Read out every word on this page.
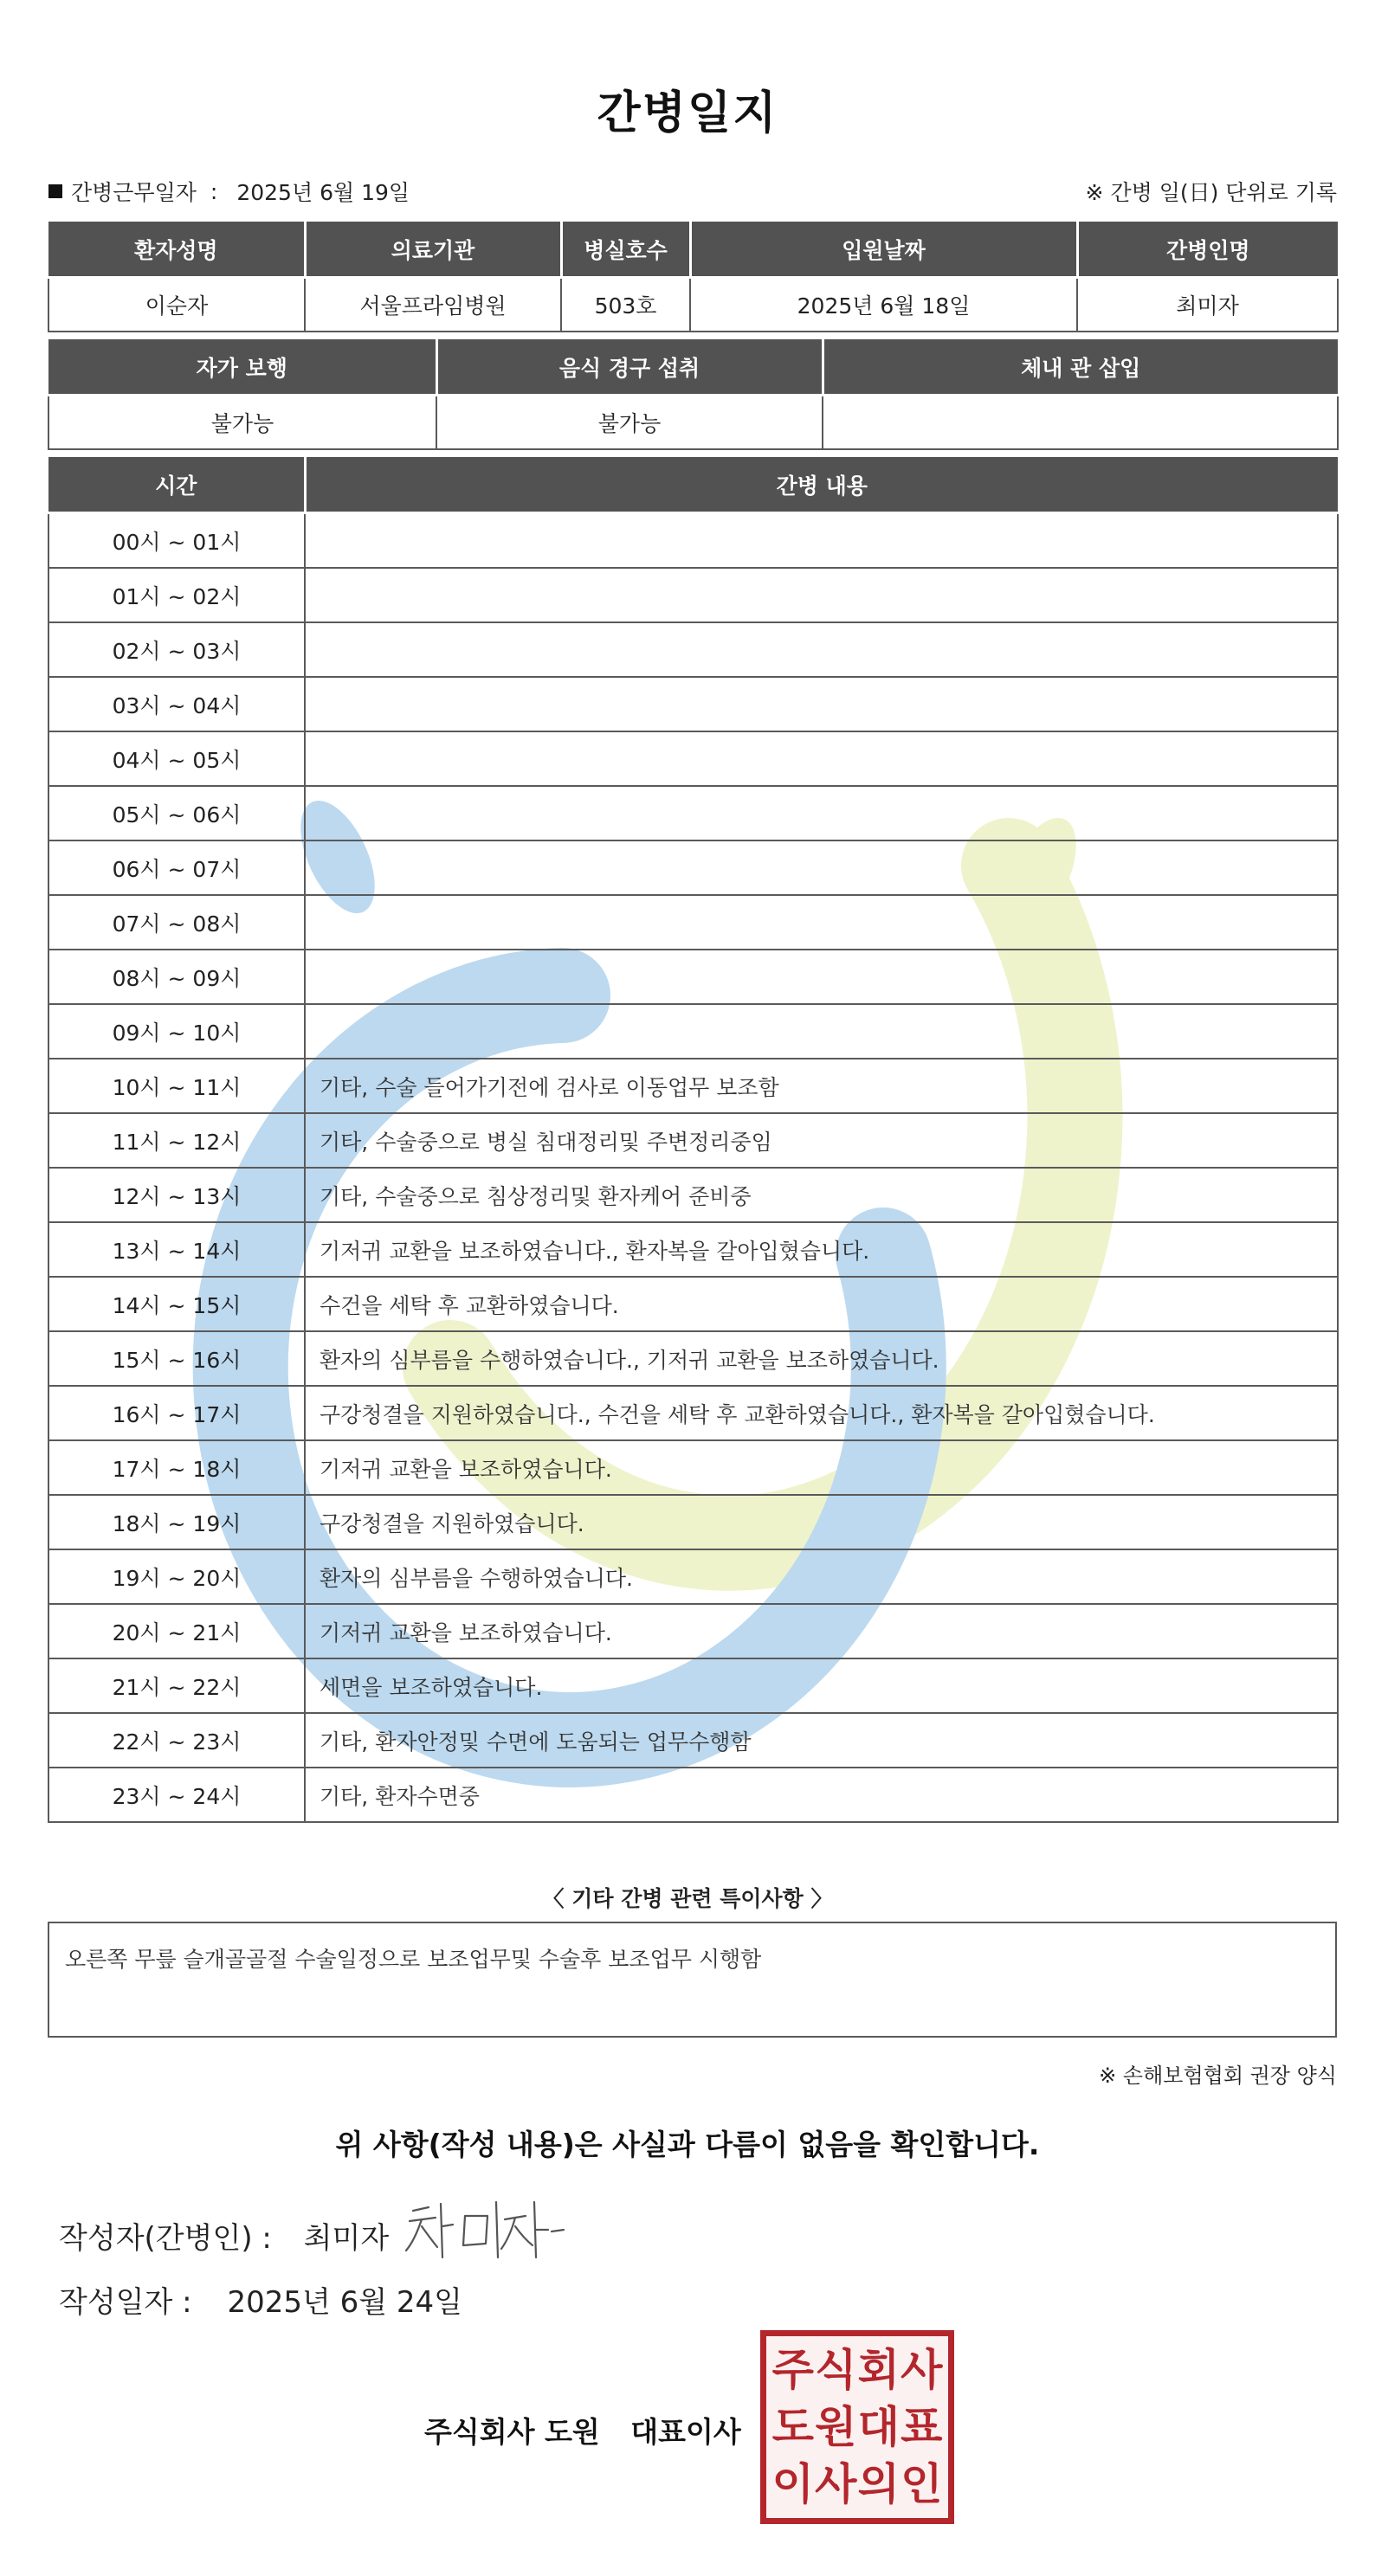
간병일지
간병근무일자 : 2025년 6월 19일	※ 간병 일(日) 단위로 기록
환자성명	의료기관	병실호수	입원날짜	간병인명
이순자	서울프라임병원	503호	2025년 6월 18일	최미자
자가 보행	음식 경구 섭취	체내 관 삽입
불가능	불가능	
시간	간병 내용
00시 ~ 01시	
01시 ~ 02시	
02시 ~ 03시	
03시 ~ 04시	
04시 ~ 05시	
05시 ~ 06시	
06시 ~ 07시	
07시 ~ 08시	
08시 ~ 09시	
09시 ~ 10시	
10시 ~ 11시	기타, 수술 들어가기전에 검사로 이동업무 보조함
11시 ~ 12시	기타, 수술중으로 병실 침대정리및 주변정리중임
12시 ~ 13시	기타, 수술중으로 침상정리및 환자케어 준비중
13시 ~ 14시	기저귀 교환을 보조하였습니다., 환자복을 갈아입혔습니다.
14시 ~ 15시	수건을 세탁 후 교환하였습니다.
15시 ~ 16시	환자의 심부름을 수행하였습니다., 기저귀 교환을 보조하였습니다.
16시 ~ 17시	구강청결을 지원하였습니다., 수건을 세탁 후 교환하였습니다., 환자복을 갈아입혔습니다.
17시 ~ 18시	기저귀 교환을 보조하였습니다.
18시 ~ 19시	구강청결을 지원하였습니다.
19시 ~ 20시	환자의 심부름을 수행하였습니다.
20시 ~ 21시	기저귀 교환을 보조하였습니다.
21시 ~ 22시	세면을 보조하였습니다.
22시 ~ 23시	기타, 환자안정및 수면에 도움되는 업무수행함
23시 ~ 24시	기타, 환자수면중
〈 기타 간병 관련 특이사항 〉
오른쪽 무릎 슬개골골절 수술일정으로 보조업무및 수술후 보조업무 시행함
※ 손해보험협회 권장 양식
위 사항(작성 내용)은 사실과 다름이 없음을 확인합니다.
작성자(간병인) : 최미자
작성일자 : 2025년 6월 24일
주식회사 도원 대표이사
주 식 회 사
도 원 대 표
이 사 의 인
